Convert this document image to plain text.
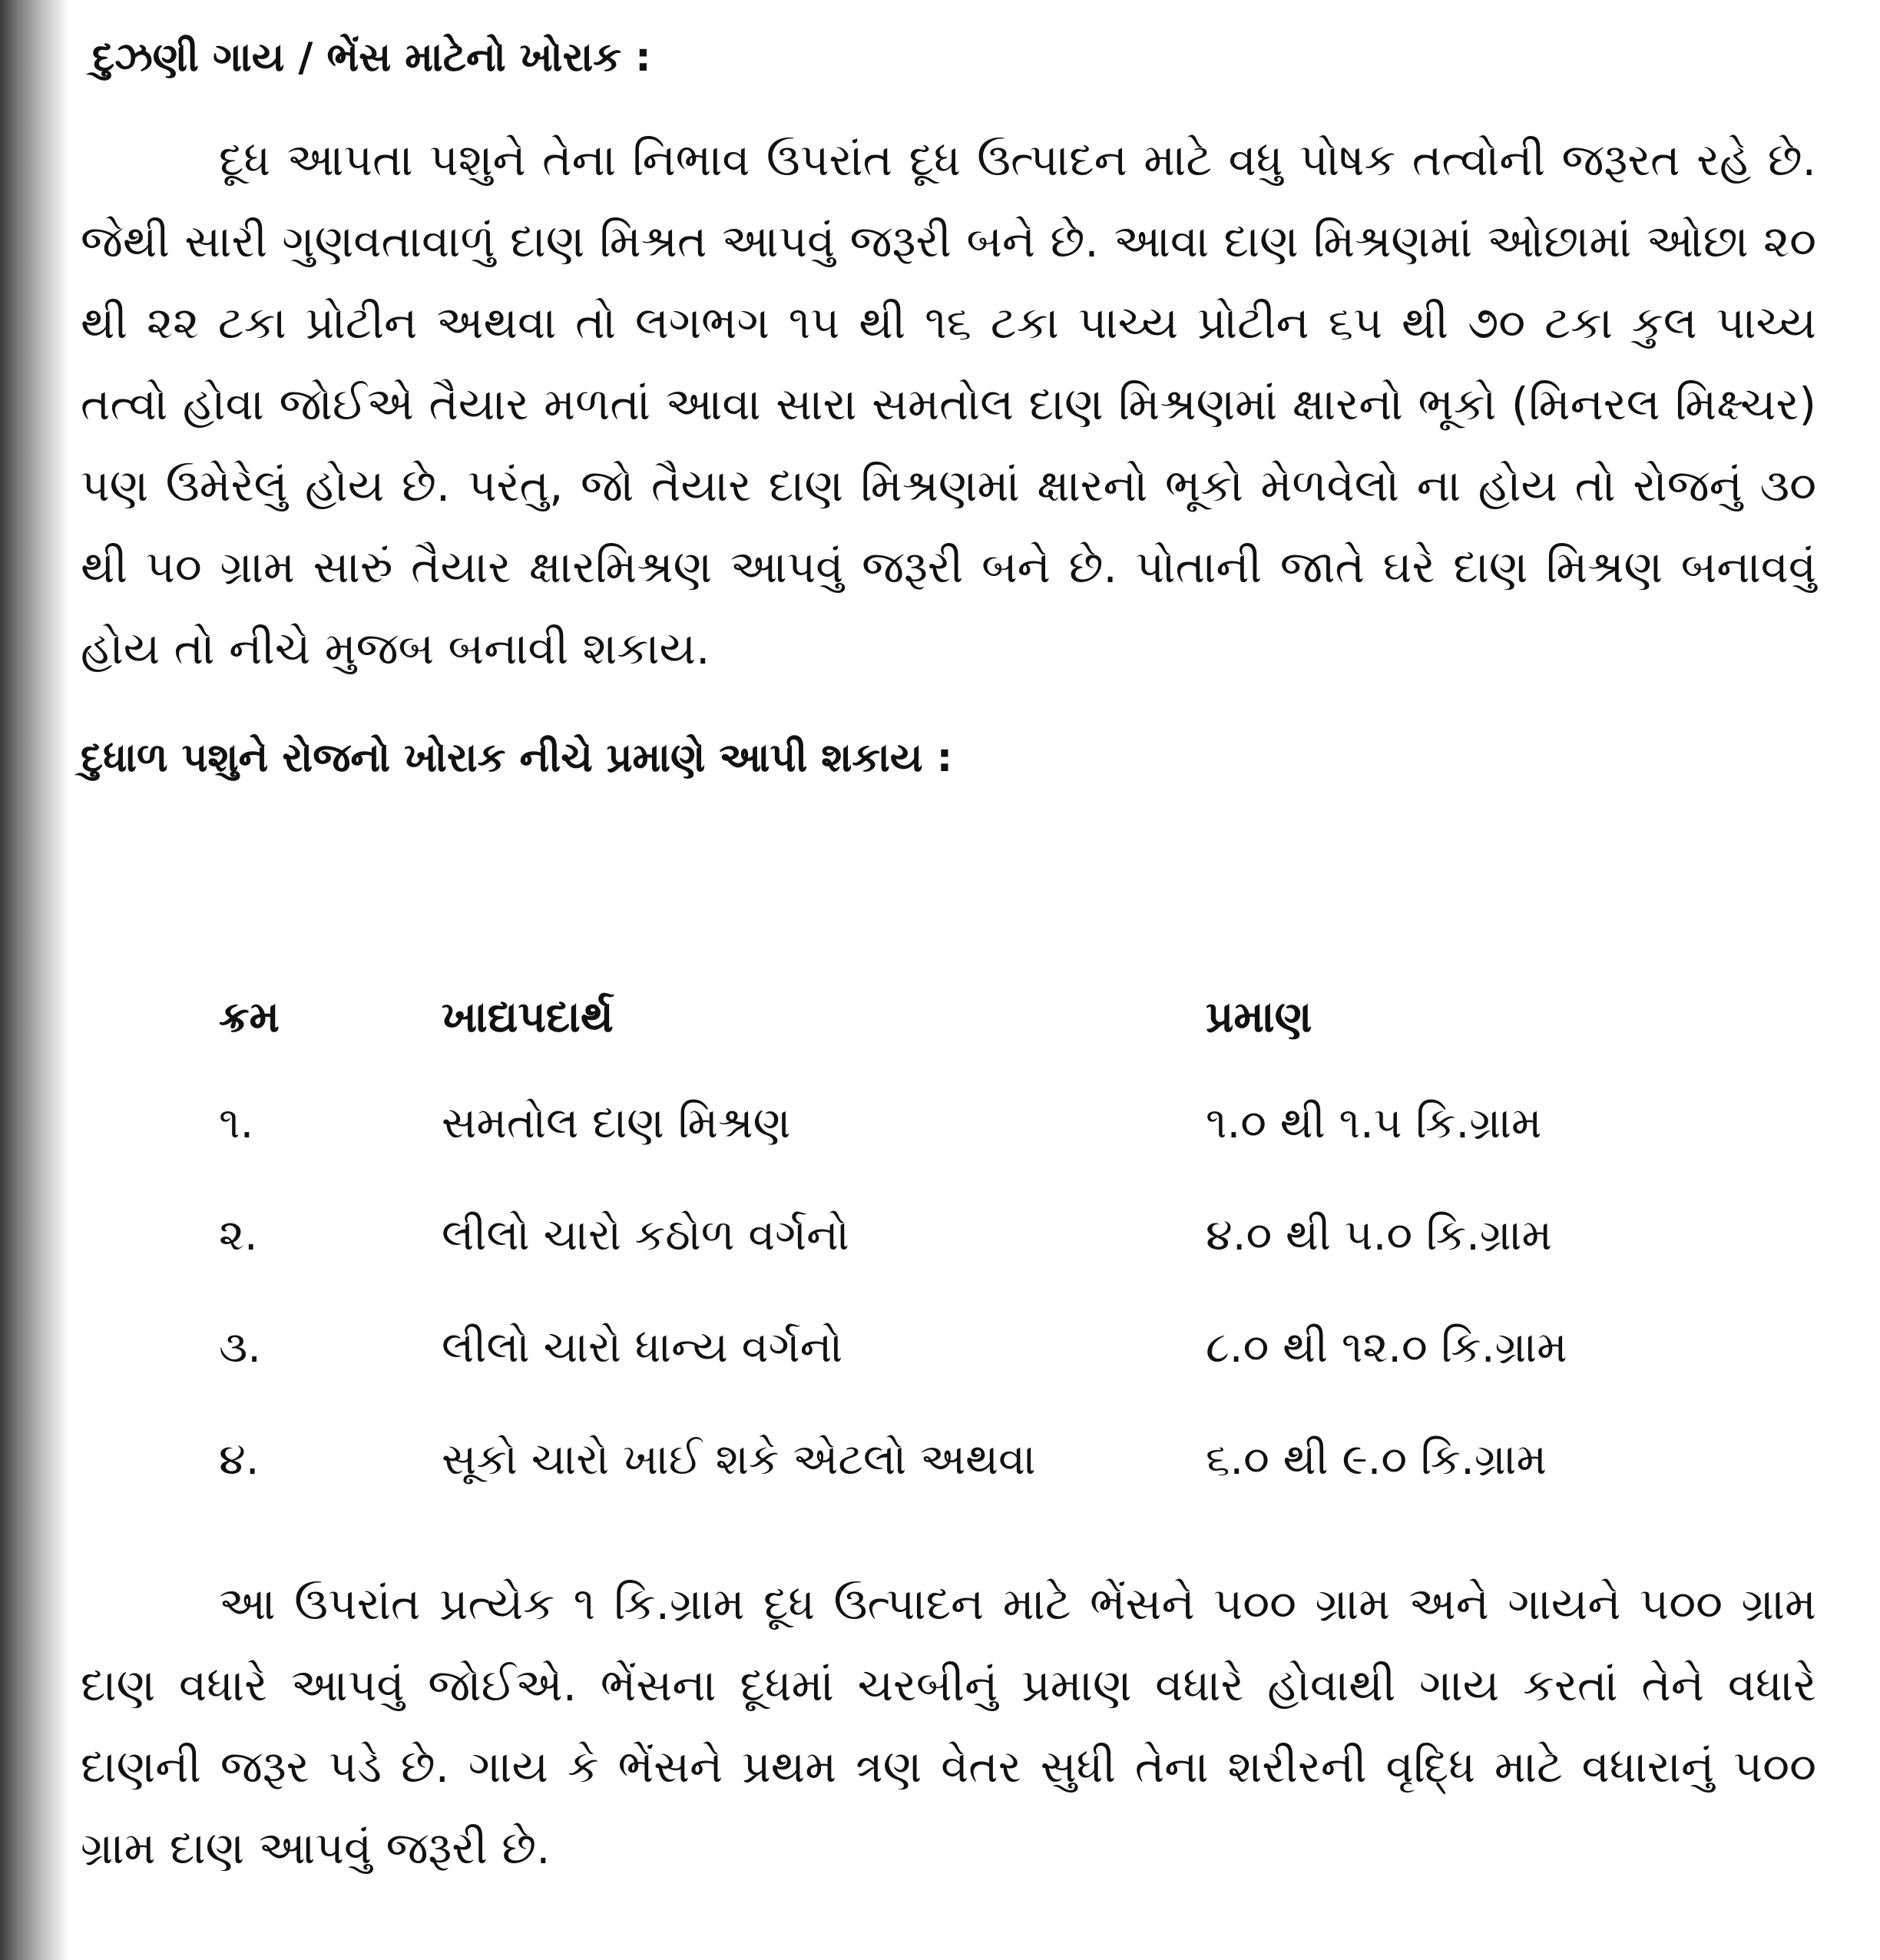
દુઝણી ગાય / ભેંસ માટેનો ખોરાક :

દૂધ આપતા પશુને તેના નિભાવ ઉપરાંત દૂધ ઉત્પાદન માટે વધુ પોષક તત્વોની જરૂરત રહે છે. જેથી સારી ગુણવતાવાળું દાણ મિશ્રત આપવું જરૂરી બને છે. આવા દાણ મિશ્રણમાં ઓછામાં ઓછા ૨૦ થી ૨૨ ટકા પ્રોટીન અથવા તો લગભગ ૧૫ થી ૧૬ ટકા પાચ્ય પ્રોટીન ૬૫ થી ૭૦ ટકા કુલ પાચ્ય તત્વો હોવા જોઈએ તૈયાર મળતાં આવા સારા સમતોલ દાણ મિશ્રણમાં ક્ષારનો ભૂકો (મિનરલ મિક્ષ્ચર) પણ ઉમેરેલું હોય છે. પરંતુ, જો તૈયાર દાણ મિશ્રણમાં ક્ષારનો ભૂકો મેળવેલો ના હોય તો રોજનું ૩૦ થી ૫૦ ગ્રામ સારું તૈયાર ક્ષારમિશ્રણ આપવું જરૂરી બને છે. પોતાની જાતે ઘરે દાણ મિશ્રણ બનાવવું હોય તો નીચે મુજબ બનાવી શકાય.

દુધાળ પશુને રોજનો ખોરાક નીચે પ્રમાણે આપી શકાય :
ક્રમ	ખાદ્યપદાર્થ	પ્રમાણ
૧.	સમતોલ દાણ મિશ્રણ	૧.૦ થી ૧.૫ કિ.ગ્રામ
૨.	લીલો ચારો કઠોળ વર્ગનો	૪.૦ થી ૫.૦ કિ.ગ્રામ
૩.	લીલો ચારો ધાન્ય વર્ગનો	૮.૦ થી ૧૨.૦ કિ.ગ્રામ
૪.	સૂકો ચારો ખાઈ શકે એટલો અથવા	૬.૦ થી ૯.૦ કિ.ગ્રામ

આ ઉપરાંત પ્રત્યેક ૧ કિ.ગ્રામ દૂધ ઉત્પાદન માટે ભેંસને ૫૦૦ ગ્રામ અને ગાયને ૫૦૦ ગ્રામ દાણ વધારે આપવું જોઈએ. ભેંસના દૂધમાં ચરબીનું પ્રમાણ વધારે હોવાથી ગાય કરતાં તેને વધારે દાણની જરૂર પડે છે. ગાય કે ભેંસને પ્રથમ ત્રણ વેતર સુધી તેના શરીરની વૃદ્ધિ માટે વધારાનું ૫૦૦ ગ્રામ દાણ આપવું જરૂરી છે.
